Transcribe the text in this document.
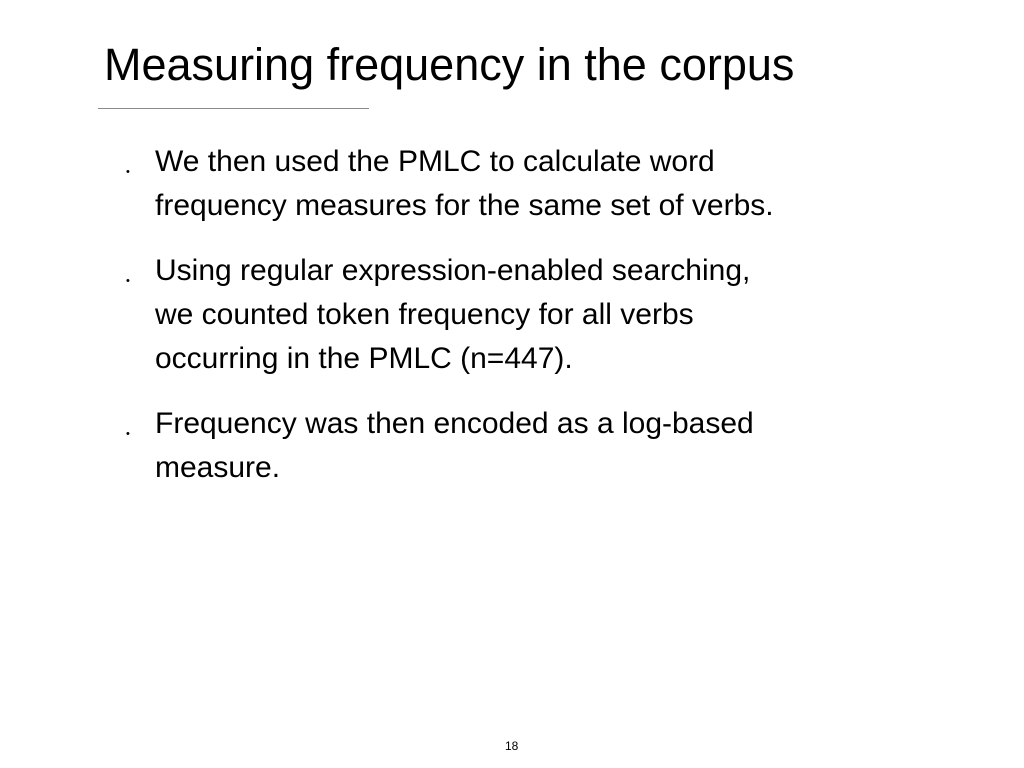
Measuring frequency in the corpus
• We then used the PMLC to calculate word
frequency measures for the same set of verbs.
• Using regular expression-enabled searching,
we counted token frequency for all verbs
occurring in the PMLC (n=447).
• Frequency was then encoded as a log-based
measure.
18
